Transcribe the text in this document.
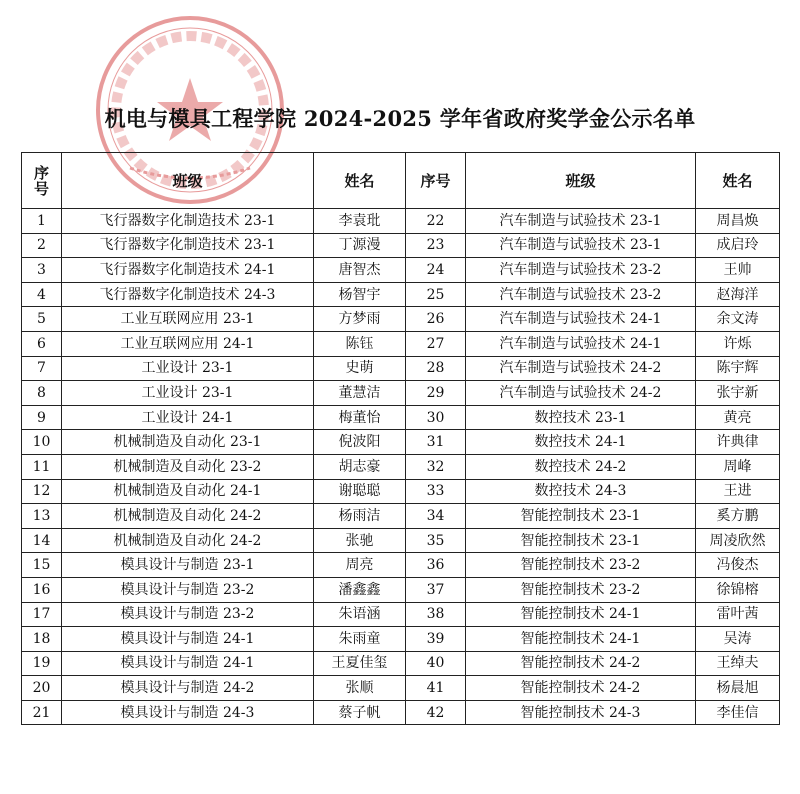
机电与模具工程学院 2024-2025 学年省政府奖学金公示名单
序
号	班级	姓名	序号	班级	姓名
1	飞行器数字化制造技术 23-1	李袁玭	22	汽车制造与试验技术 23-1	周昌焕
2	飞行器数字化制造技术 23-1	丁源漫	23	汽车制造与试验技术 23-1	成启玲
3	飞行器数字化制造技术 24-1	唐智杰	24	汽车制造与试验技术 23-2	王帅
4	飞行器数字化制造技术 24-3	杨智宇	25	汽车制造与试验技术 23-2	赵海洋
5	工业互联网应用 23-1	方梦雨	26	汽车制造与试验技术 24-1	余文涛
6	工业互联网应用 24-1	陈钰	27	汽车制造与试验技术 24-1	许烁
7	工业设计 23-1	史萌	28	汽车制造与试验技术 24-2	陈宇辉
8	工业设计 23-1	董慧洁	29	汽车制造与试验技术 24-2	张宇新
9	工业设计 24-1	梅董怡	30	数控技术 23-1	黄亮
10	机械制造及自动化 23-1	倪波阳	31	数控技术 24-1	许典律
11	机械制造及自动化 23-2	胡志豪	32	数控技术 24-2	周峰
12	机械制造及自动化 24-1	谢聪聪	33	数控技术 24-3	王进
13	机械制造及自动化 24-2	杨雨洁	34	智能控制技术 23-1	奚方鹏
14	机械制造及自动化 24-2	张驰	35	智能控制技术 23-1	周凌欣然
15	模具设计与制造 23-1	周亮	36	智能控制技术 23-2	冯俊杰
16	模具设计与制造 23-2	潘鑫鑫	37	智能控制技术 23-2	徐锦榕
17	模具设计与制造 23-2	朱语涵	38	智能控制技术 24-1	雷叶茜
18	模具设计与制造 24-1	朱雨童	39	智能控制技术 24-1	吴涛
19	模具设计与制造 24-1	王夏佳玺	40	智能控制技术 24-2	王绰夫
20	模具设计与制造 24-2	张顺	41	智能控制技术 24-2	杨晨旭
21	模具设计与制造 24-3	蔡子帆	42	智能控制技术 24-3	李佳信
